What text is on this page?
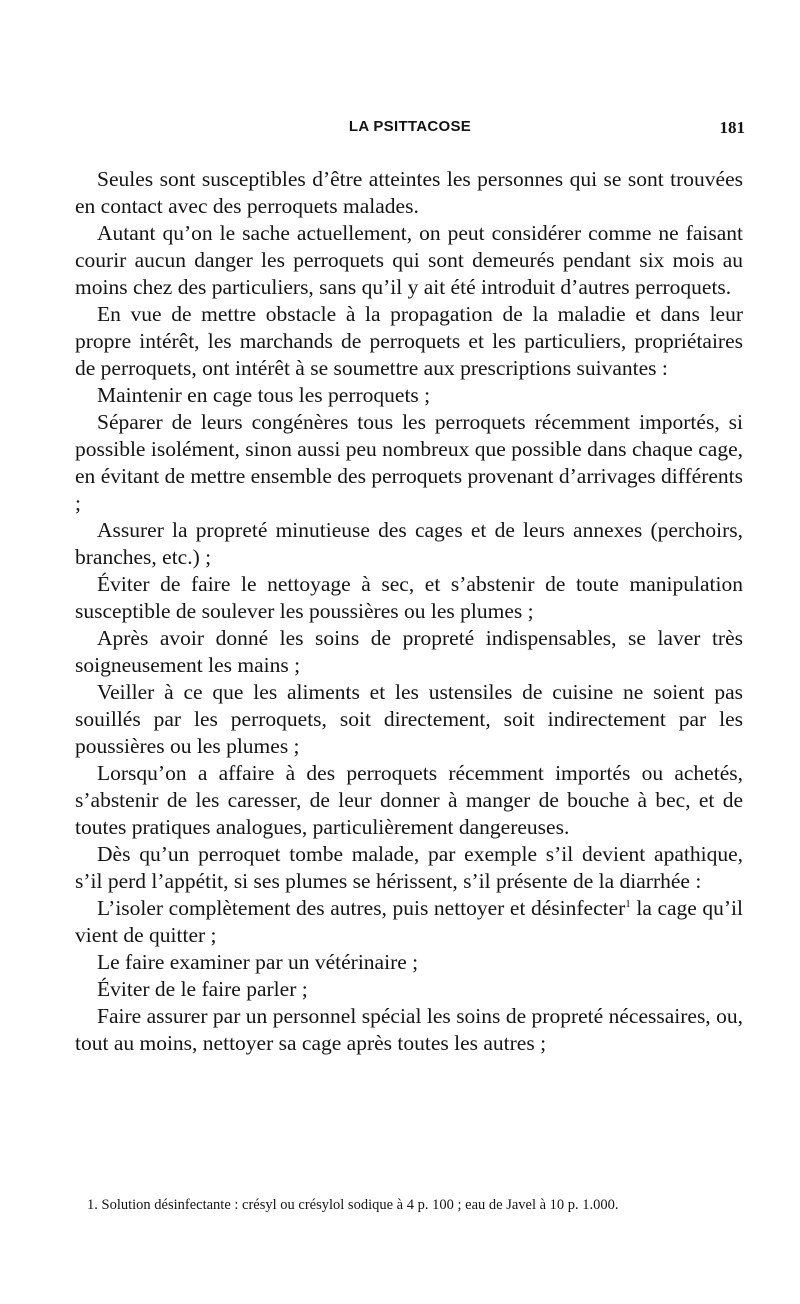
LA PSITTACOSE	181

Seules sont susceptibles d’être atteintes les personnes qui se sont trouvées en contact avec des perroquets malades.

Autant qu’on le sache actuellement, on peut considérer comme ne faisant courir aucun danger les perroquets qui sont demeurés pendant six mois au moins chez des particuliers, sans qu’il y ait été introduit d’autres perroquets.

En vue de mettre obstacle à la propagation de la maladie et dans leur propre intérêt, les marchands de perroquets et les particuliers, propriétaires de perroquets, ont intérêt à se soumettre aux prescriptions suivantes :

Maintenir en cage tous les perroquets ;

Séparer de leurs congénères tous les perroquets récemment importés, si possible isolément, sinon aussi peu nombreux que possible dans chaque cage, en évitant de mettre ensemble des perroquets provenant d’arrivages différents ;

Assurer la propreté minutieuse des cages et de leurs annexes (perchoirs, branches, etc.) ;

Éviter de faire le nettoyage à sec, et s’abstenir de toute manipulation susceptible de soulever les poussières ou les plumes ;

Après avoir donné les soins de propreté indispensables, se laver très soigneusement les mains ;

Veiller à ce que les aliments et les ustensiles de cuisine ne soient pas souillés par les perroquets, soit directement, soit indirectement par les poussières ou les plumes ;

Lorsqu’on a affaire à des perroquets récemment importés ou achetés, s’abstenir de les caresser, de leur donner à manger de bouche à bec, et de toutes pratiques analogues, particulièrement dangereuses.

Dès qu’un perroquet tombe malade, par exemple s’il devient apathique, s’il perd l’appétit, si ses plumes se hérissent, s’il présente de la diarrhée :

L’isoler complètement des autres, puis nettoyer et désinfecter$^1$ la cage qu’il vient de quitter ;

Le faire examiner par un vétérinaire ;

Éviter de le faire parler ;

Faire assurer par un personnel spécial les soins de propreté nécessaires, ou, tout au moins, nettoyer sa cage après toutes les autres ;

1. Solution désinfectante : crésyl ou crésylol sodique à 4 p. 100 ; eau de Javel à 10 p. 1.000.
